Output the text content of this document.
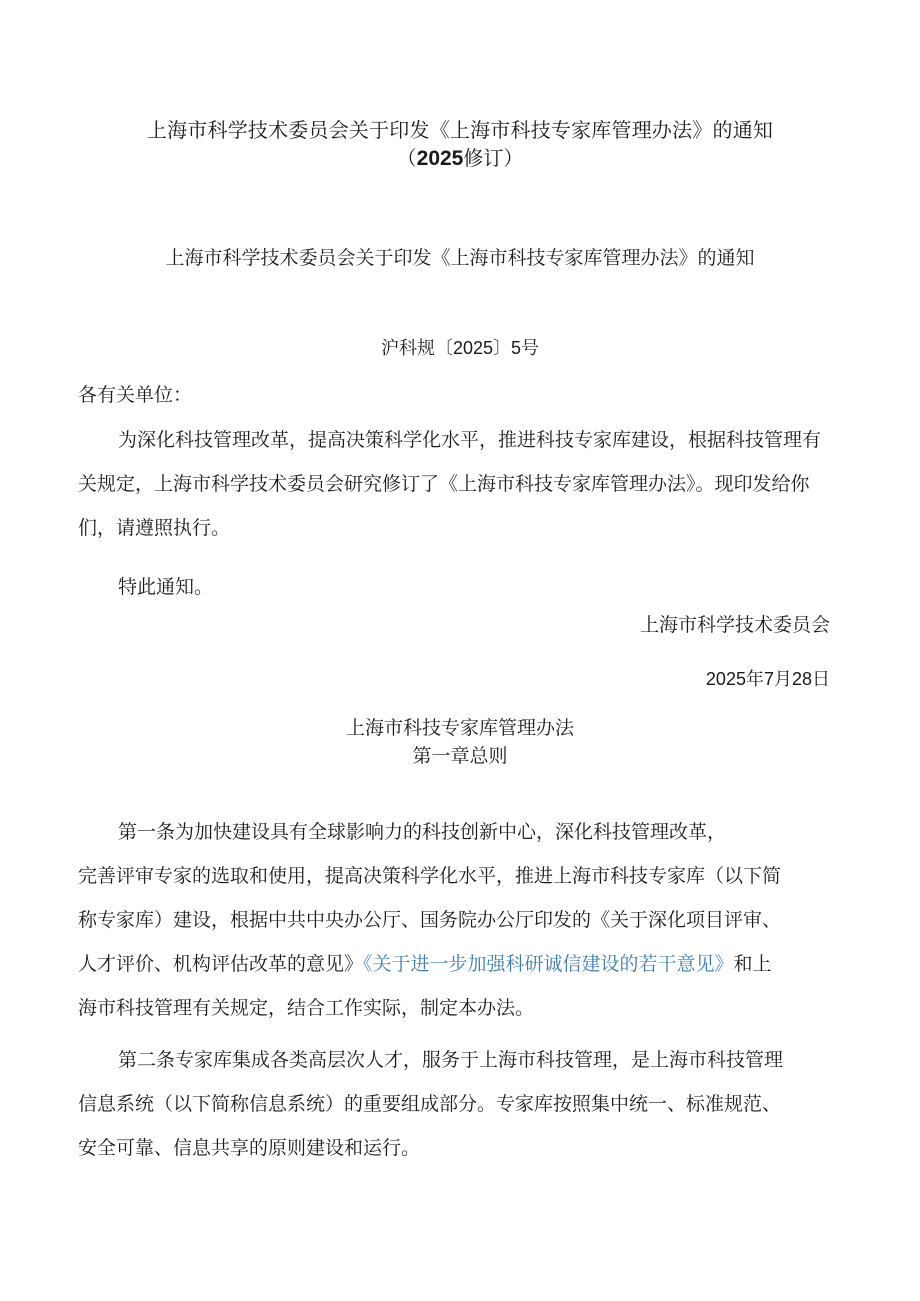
上海市科学技术委员会关于印发《上海市科技专家库管理办法》的通知
（2025修订）
上海市科学技术委员会关于印发《上海市科技专家库管理办法》的通知
沪科规〔2025〕5号
各有关单位：
为深化科技管理改革，提高决策科学化水平，推进科技专家库建设，根据科技管理有关规定，上海市科学技术委员会研究修订了《上海市科技专家库管理办法》。现印发给你们，请遵照执行。
特此通知。
上海市科学技术委员会
2025年7月28日
上海市科技专家库管理办法
第一章总则
第一条为加快建设具有全球影响力的科技创新中心，深化科技管理改革，
完善评审专家的选取和使用，提高决策科学化水平，推进上海市科技专家库（以下简
称专家库）建设，根据中共中央办公厅、国务院办公厅印发的《关于深化项目评审、
人才评价、机构评估改革的意见》《关于进一步加强科研诚信建设的若干意见》和上
海市科技管理有关规定，结合工作实际，制定本办法。
第二条专家库集成各类高层次人才，服务于上海市科技管理，是上海市科技管理
信息系统（以下简称信息系统）的重要组成部分。专家库按照集中统一、标准规范、
安全可靠、信息共享的原则建设和运行。
